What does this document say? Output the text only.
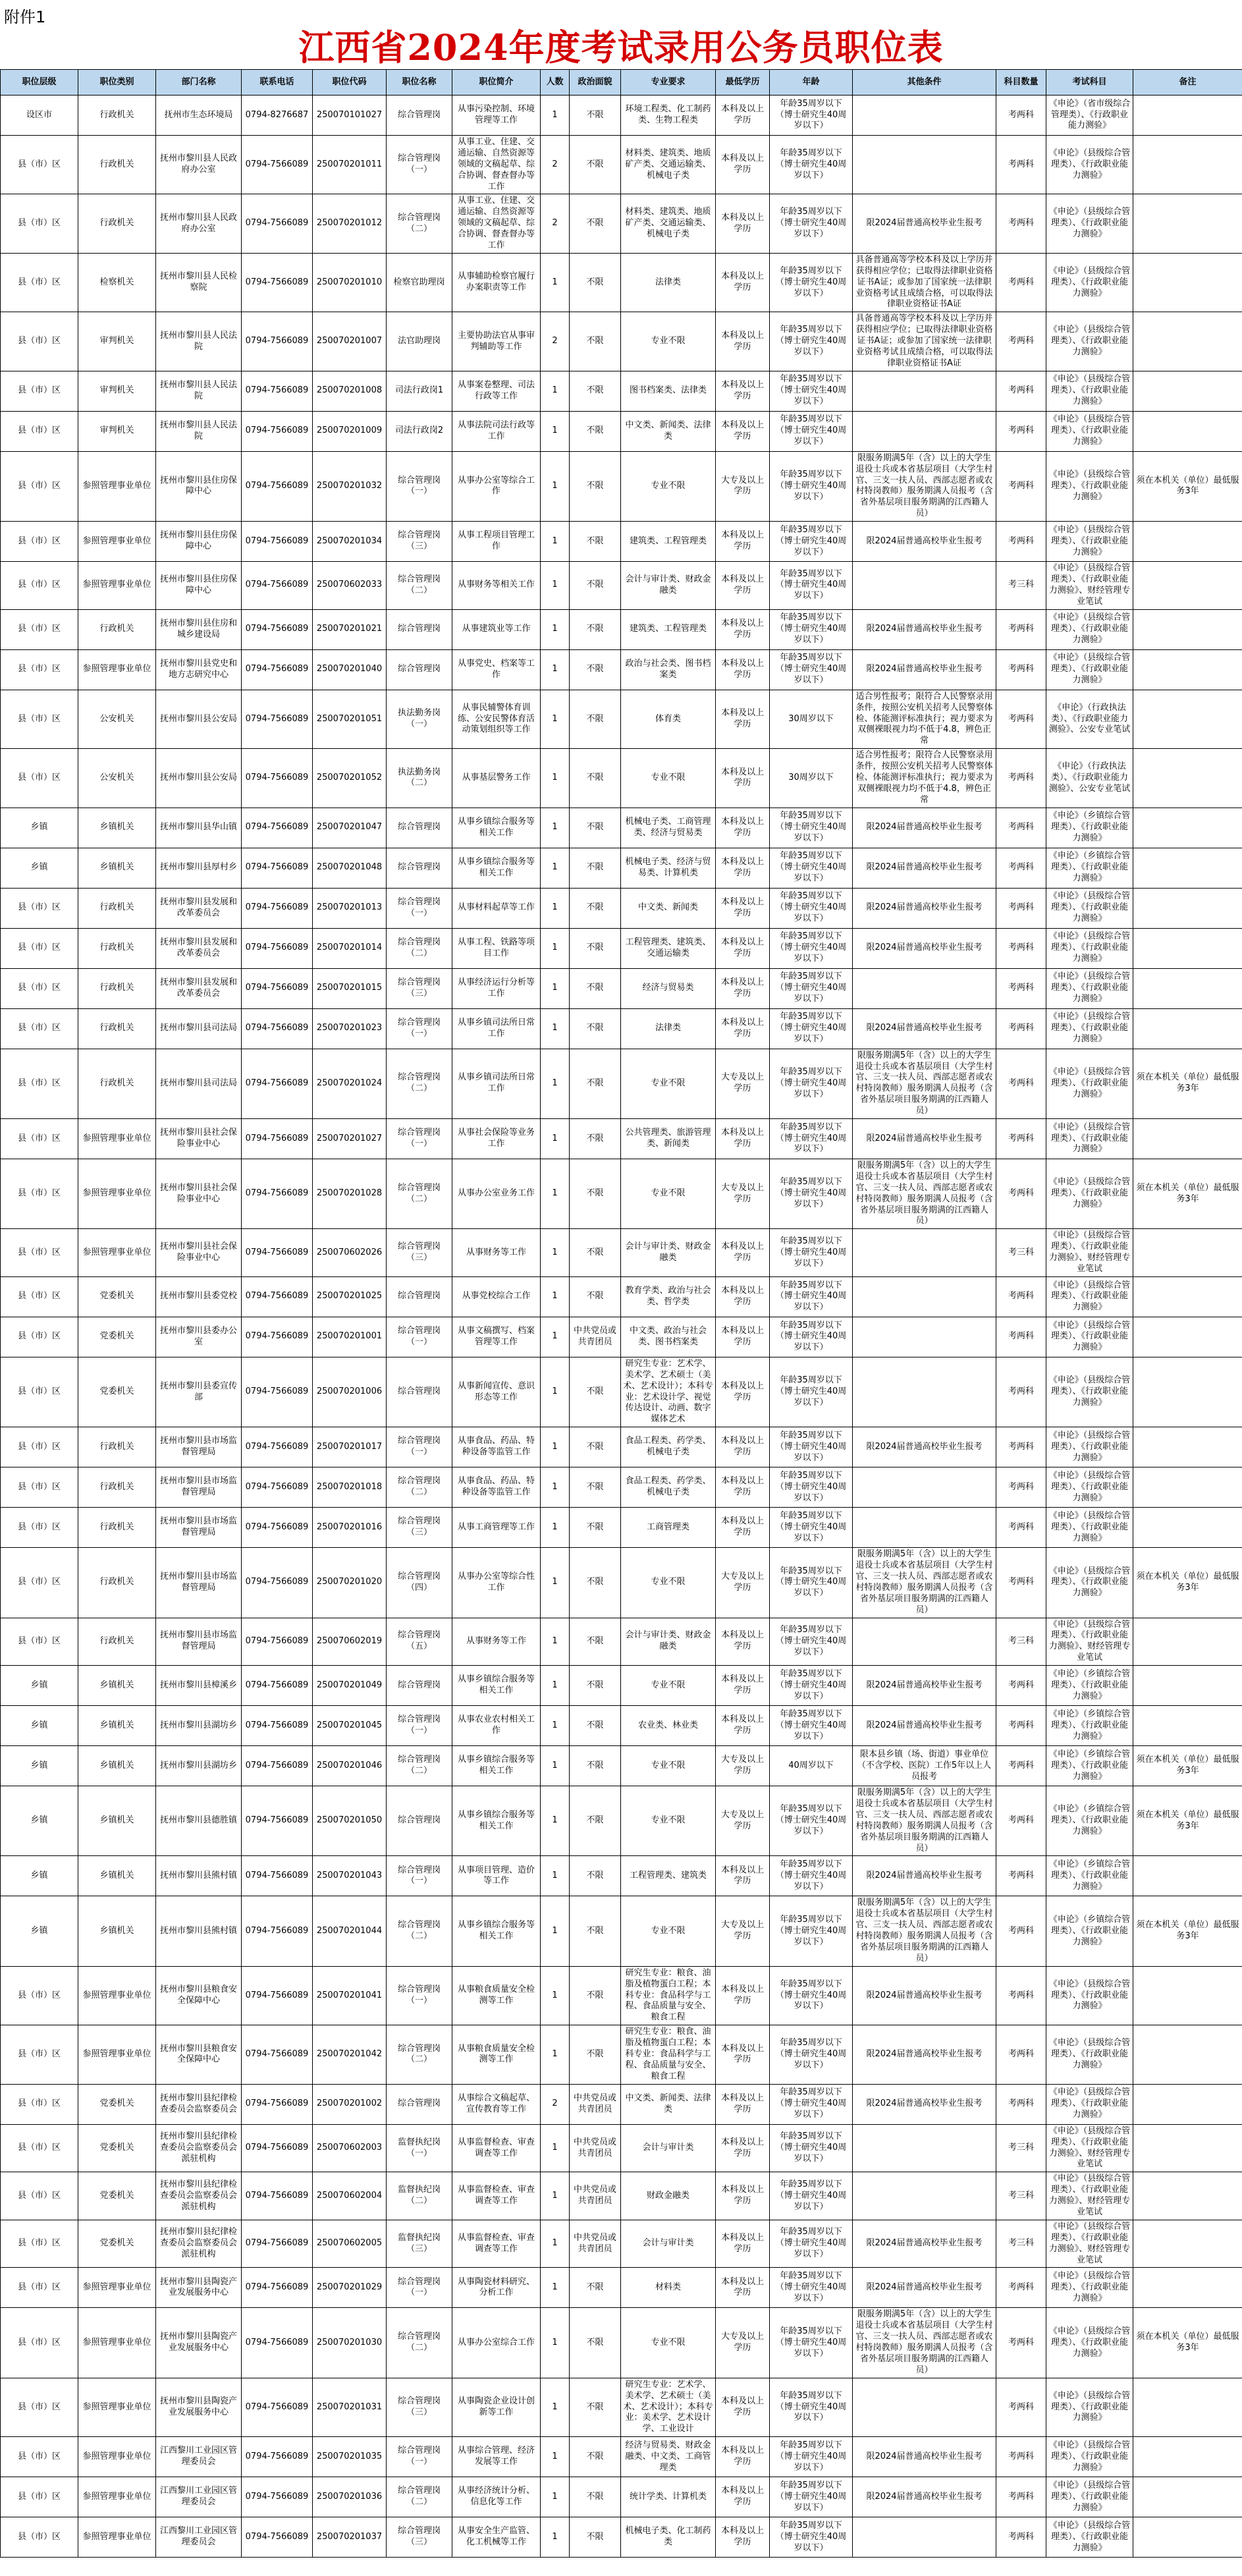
附件1
江西省2024年度考试录用公务员职位表
职位层级	职位类别	部门名称	联系电话	职位代码	职位名称	职位简介	人数	政治面貌	专业要求	最低学历	年龄	其他条件	科目数量	考试科目	备注
设区市	行政机关	抚州市生态环境局	0794-8276687	250070101027	综合管理岗	从事污染控制、环境管理等工作	1	不限	环境工程类、化工制药类、生物工程类	本科及以上学历	年龄35周岁以下（博士研究生40周岁以下）		考两科	《申论》（省市级综合管理类）、《行政职业能力测验》	
县（市）区	行政机关	抚州市黎川县人民政府办公室	0794-7566089	250070201011	综合管理岗（一）	从事工业、住建、交通运输、自然资源等领域的文稿起草、综合协调、督查督办等工作	2	不限	材料类、建筑类、地质矿产类、交通运输类、机械电子类	本科及以上学历	年龄35周岁以下（博士研究生40周岁以下）		考两科	《申论》（县级综合管理类）、《行政职业能力测验》	
县（市）区	行政机关	抚州市黎川县人民政府办公室	0794-7566089	250070201012	综合管理岗（二）	从事工业、住建、交通运输、自然资源等领域的文稿起草、综合协调、督查督办等工作	2	不限	材料类、建筑类、地质矿产类、交通运输类、机械电子类	本科及以上学历	年龄35周岁以下（博士研究生40周岁以下）	限2024届普通高校毕业生报考	考两科	《申论》（县级综合管理类）、《行政职业能力测验》	
县（市）区	检察机关	抚州市黎川县人民检察院	0794-7566089	250070201010	检察官助理岗	从事辅助检察官履行办案职责等工作	1	不限	法律类	本科及以上学历	年龄35周岁以下（博士研究生40周岁以下）	具备普通高等学校本科及以上学历并获得相应学位；已取得法律职业资格证书A证；或参加了国家统一法律职业资格考试且成绩合格，可以取得法律职业资格证书A证	考两科	《申论》（县级综合管理类）、《行政职业能力测验》	
县（市）区	审判机关	抚州市黎川县人民法院	0794-7566089	250070201007	法官助理岗	主要协助法官从事审判辅助等工作	2	不限	专业不限	本科及以上学历	年龄35周岁以下（博士研究生40周岁以下）	具备普通高等学校本科及以上学历并获得相应学位；已取得法律职业资格证书A证；或参加了国家统一法律职业资格考试且成绩合格，可以取得法律职业资格证书A证	考两科	《申论》（县级综合管理类）、《行政职业能力测验》	
县（市）区	审判机关	抚州市黎川县人民法院	0794-7566089	250070201008	司法行政岗1	从事案卷整理、司法行政等工作	1	不限	图书档案类、法律类	本科及以上学历	年龄35周岁以下（博士研究生40周岁以下）		考两科	《申论》（县级综合管理类）、《行政职业能力测验》	
县（市）区	审判机关	抚州市黎川县人民法院	0794-7566089	250070201009	司法行政岗2	从事法院司法行政等工作	1	不限	中文类、新闻类、法律类	本科及以上学历	年龄35周岁以下（博士研究生40周岁以下）		考两科	《申论》（县级综合管理类）、《行政职业能力测验》	
县（市）区	参照管理事业单位	抚州市黎川县住房保障中心	0794-7566089	250070201032	综合管理岗（一）	从事办公室等综合工作	1	不限	专业不限	大专及以上学历	年龄35周岁以下（博士研究生40周岁以下）	限服务期满5年（含）以上的大学生退役士兵或本省基层项目（大学生村官、三支一扶人员、西部志愿者或农村特岗教师）服务期满人员报考（含省外基层项目服务期满的江西籍人员）	考两科	《申论》（县级综合管理类）、《行政职业能力测验》	须在本机关（单位）最低服务3年
县（市）区	参照管理事业单位	抚州市黎川县住房保障中心	0794-7566089	250070201034	综合管理岗（三）	从事工程项目管理工作	1	不限	建筑类、工程管理类	本科及以上学历	年龄35周岁以下（博士研究生40周岁以下）	限2024届普通高校毕业生报考	考两科	《申论》（县级综合管理类）、《行政职业能力测验》	
县（市）区	参照管理事业单位	抚州市黎川县住房保障中心	0794-7566089	250070602033	综合管理岗（二）	从事财务等相关工作	1	不限	会计与审计类、财政金融类	本科及以上学历	年龄35周岁以下（博士研究生40周岁以下）		考三科	《申论》（县级综合管理类）、《行政职业能力测验》、财经管理专业笔试	
县（市）区	行政机关	抚州市黎川县住房和城乡建设局	0794-7566089	250070201021	综合管理岗	从事建筑业等工作	1	不限	建筑类、工程管理类	本科及以上学历	年龄35周岁以下（博士研究生40周岁以下）	限2024届普通高校毕业生报考	考两科	《申论》（县级综合管理类）、《行政职业能力测验》	
县（市）区	参照管理事业单位	抚州市黎川县党史和地方志研究中心	0794-7566089	250070201040	综合管理岗	从事党史、档案等工作	1	不限	政治与社会类、图书档案类	本科及以上学历	年龄35周岁以下（博士研究生40周岁以下）	限2024届普通高校毕业生报考	考两科	《申论》（县级综合管理类）、《行政职业能力测验》	
县（市）区	公安机关	抚州市黎川县公安局	0794-7566089	250070201051	执法勤务岗（一）	从事民辅警体育训练、公安民警体育活动策划组织等工作	1	不限	体育类	本科及以上学历	30周岁以下	适合男性报考；限符合人民警察录用条件，按照公安机关招考人民警察体检、体能测评标准执行；视力要求为双侧裸眼视力均不低于4.8，辨色正常	考两科	《申论》（行政执法类）、《行政职业能力测验》、公安专业笔试	
县（市）区	公安机关	抚州市黎川县公安局	0794-7566089	250070201052	执法勤务岗（二）	从事基层警务工作	1	不限	专业不限	本科及以上学历	30周岁以下	适合男性报考；限符合人民警察录用条件，按照公安机关招考人民警察体检、体能测评标准执行；视力要求为双侧裸眼视力均不低于4.8，辨色正常	考两科	《申论》（行政执法类）、《行政职业能力测验》、公安专业笔试	
乡镇	乡镇机关	抚州市黎川县华山镇	0794-7566089	250070201047	综合管理岗	从事乡镇综合服务等相关工作	1	不限	机械电子类、工商管理类、经济与贸易类	本科及以上学历	年龄35周岁以下（博士研究生40周岁以下）	限2024届普通高校毕业生报考	考两科	《申论》（乡镇综合管理类）、《行政职业能力测验》	
乡镇	乡镇机关	抚州市黎川县厚村乡	0794-7566089	250070201048	综合管理岗	从事乡镇综合服务等相关工作	1	不限	机械电子类、经济与贸易类、计算机类	本科及以上学历	年龄35周岁以下（博士研究生40周岁以下）	限2024届普通高校毕业生报考	考两科	《申论》（乡镇综合管理类）、《行政职业能力测验》	
县（市）区	行政机关	抚州市黎川县发展和改革委员会	0794-7566089	250070201013	综合管理岗（一）	从事材料起草等工作	1	不限	中文类、新闻类	本科及以上学历	年龄35周岁以下（博士研究生40周岁以下）	限2024届普通高校毕业生报考	考两科	《申论》（县级综合管理类）、《行政职业能力测验》	
县（市）区	行政机关	抚州市黎川县发展和改革委员会	0794-7566089	250070201014	综合管理岗（二）	从事工程、铁路等项目工作	1	不限	工程管理类、建筑类、交通运输类	本科及以上学历	年龄35周岁以下（博士研究生40周岁以下）	限2024届普通高校毕业生报考	考两科	《申论》（县级综合管理类）、《行政职业能力测验》	
县（市）区	行政机关	抚州市黎川县发展和改革委员会	0794-7566089	250070201015	综合管理岗（三）	从事经济运行分析等工作	1	不限	经济与贸易类	本科及以上学历	年龄35周岁以下（博士研究生40周岁以下）		考两科	《申论》（县级综合管理类）、《行政职业能力测验》	
县（市）区	行政机关	抚州市黎川县司法局	0794-7566089	250070201023	综合管理岗（一）	从事乡镇司法所日常工作	1	不限	法律类	本科及以上学历	年龄35周岁以下（博士研究生40周岁以下）	限2024届普通高校毕业生报考	考两科	《申论》（县级综合管理类）、《行政职业能力测验》	
县（市）区	行政机关	抚州市黎川县司法局	0794-7566089	250070201024	综合管理岗（二）	从事乡镇司法所日常工作	1	不限	专业不限	大专及以上学历	年龄35周岁以下（博士研究生40周岁以下）	限服务期满5年（含）以上的大学生退役士兵或本省基层项目（大学生村官、三支一扶人员、西部志愿者或农村特岗教师）服务期满人员报考（含省外基层项目服务期满的江西籍人员）	考两科	《申论》（县级综合管理类）、《行政职业能力测验》	须在本机关（单位）最低服务3年
县（市）区	参照管理事业单位	抚州市黎川县社会保险事业中心	0794-7566089	250070201027	综合管理岗（一）	从事社会保险等业务工作	1	不限	公共管理类、旅游管理类、新闻类	本科及以上学历	年龄35周岁以下（博士研究生40周岁以下）	限2024届普通高校毕业生报考	考两科	《申论》（县级综合管理类）、《行政职业能力测验》	
县（市）区	参照管理事业单位	抚州市黎川县社会保险事业中心	0794-7566089	250070201028	综合管理岗（二）	从事办公室业务工作	1	不限	专业不限	大专及以上学历	年龄35周岁以下（博士研究生40周岁以下）	限服务期满5年（含）以上的大学生退役士兵或本省基层项目（大学生村官、三支一扶人员、西部志愿者或农村特岗教师）服务期满人员报考（含省外基层项目服务期满的江西籍人员）	考两科	《申论》（县级综合管理类）、《行政职业能力测验》	须在本机关（单位）最低服务3年
县（市）区	参照管理事业单位	抚州市黎川县社会保险事业中心	0794-7566089	250070602026	综合管理岗（三）	从事财务等工作	1	不限	会计与审计类、财政金融类	本科及以上学历	年龄35周岁以下（博士研究生40周岁以下）		考三科	《申论》（县级综合管理类）、《行政职业能力测验》、财经管理专业笔试	
县（市）区	党委机关	抚州市黎川县委党校	0794-7566089	250070201025	综合管理岗	从事党校综合工作	1	不限	教育学类、政治与社会类、哲学类	本科及以上学历	年龄35周岁以下（博士研究生40周岁以下）		考两科	《申论》（县级综合管理类）、《行政职业能力测验》	
县（市）区	党委机关	抚州市黎川县委办公室	0794-7566089	250070201001	综合管理岗（一）	从事文稿撰写、档案管理等工作	1	中共党员或共青团员	中文类、政治与社会类、图书档案类	本科及以上学历	年龄35周岁以下（博士研究生40周岁以下）		考两科	《申论》（县级综合管理类）、《行政职业能力测验》	
县（市）区	党委机关	抚州市黎川县委宣传部	0794-7566089	250070201006	综合管理岗	从事新闻宣传、意识形态等工作	1	不限	研究生专业：艺术学、美术学、艺术硕士（美术、艺术设计）；本科专业：艺术设计学、视觉传达设计、动画、数字媒体艺术	本科及以上学历	年龄35周岁以下（博士研究生40周岁以下）		考两科	《申论》（县级综合管理类）、《行政职业能力测验》	
县（市）区	行政机关	抚州市黎川县市场监督管理局	0794-7566089	250070201017	综合管理岗（一）	从事食品、药品、特种设备等监管工作	1	不限	食品工程类、药学类、机械电子类	本科及以上学历	年龄35周岁以下（博士研究生40周岁以下）	限2024届普通高校毕业生报考	考两科	《申论》（县级综合管理类）、《行政职业能力测验》	
县（市）区	行政机关	抚州市黎川县市场监督管理局	0794-7566089	250070201018	综合管理岗（二）	从事食品、药品、特种设备等监管工作	1	不限	食品工程类、药学类、机械电子类	本科及以上学历	年龄35周岁以下（博士研究生40周岁以下）		考两科	《申论》（县级综合管理类）、《行政职业能力测验》	
县（市）区	行政机关	抚州市黎川县市场监督管理局	0794-7566089	250070201016	综合管理岗（三）	从事工商管理等工作	1	不限	工商管理类	本科及以上学历	年龄35周岁以下（博士研究生40周岁以下）		考两科	《申论》（县级综合管理类）、《行政职业能力测验》	
县（市）区	行政机关	抚州市黎川县市场监督管理局	0794-7566089	250070201020	综合管理岗（四）	从事办公室等综合性工作	1	不限	专业不限	大专及以上学历	年龄35周岁以下（博士研究生40周岁以下）	限服务期满5年（含）以上的大学生退役士兵或本省基层项目（大学生村官、三支一扶人员、西部志愿者或农村特岗教师）服务期满人员报考（含省外基层项目服务期满的江西籍人员）	考两科	《申论》（县级综合管理类）、《行政职业能力测验》	须在本机关（单位）最低服务3年
县（市）区	行政机关	抚州市黎川县市场监督管理局	0794-7566089	250070602019	综合管理岗（五）	从事财务等工作	1	不限	会计与审计类、财政金融类	本科及以上学历	年龄35周岁以下（博士研究生40周岁以下）		考三科	《申论》（县级综合管理类）、《行政职业能力测验》、财经管理专业笔试	
乡镇	乡镇机关	抚州市黎川县樟溪乡	0794-7566089	250070201049	综合管理岗	从事乡镇综合服务等相关工作	1	不限	专业不限	本科及以上学历	年龄35周岁以下（博士研究生40周岁以下）	限2024届普通高校毕业生报考	考两科	《申论》（乡镇综合管理类）、《行政职业能力测验》	
乡镇	乡镇机关	抚州市黎川县湖坊乡	0794-7566089	250070201045	综合管理岗（一）	从事农业农村相关工作	1	不限	农业类、林业类	本科及以上学历	年龄35周岁以下（博士研究生40周岁以下）	限2024届普通高校毕业生报考	考两科	《申论》（乡镇综合管理类）、《行政职业能力测验》	
乡镇	乡镇机关	抚州市黎川县湖坊乡	0794-7566089	250070201046	综合管理岗（二）	从事乡镇综合服务等相关工作	1	不限	专业不限	大专及以上学历	40周岁以下	限本县乡镇（场、街道）事业单位（不含学校、医院）工作5年以上人员报考	考两科	《申论》（乡镇综合管理类）、《行政职业能力测验》	须在本机关（单位）最低服务3年
乡镇	乡镇机关	抚州市黎川县德胜镇	0794-7566089	250070201050	综合管理岗	从事乡镇综合服务等相关工作	1	不限	专业不限	大专及以上学历	年龄35周岁以下（博士研究生40周岁以下）	限服务期满5年（含）以上的大学生退役士兵或本省基层项目（大学生村官、三支一扶人员、西部志愿者或农村特岗教师）服务期满人员报考（含省外基层项目服务期满的江西籍人员）	考两科	《申论》（乡镇综合管理类）、《行政职业能力测验》	须在本机关（单位）最低服务3年
乡镇	乡镇机关	抚州市黎川县熊村镇	0794-7566089	250070201043	综合管理岗（一）	从事项目管理、造价等工作	1	不限	工程管理类、建筑类	本科及以上学历	年龄35周岁以下（博士研究生40周岁以下）	限2024届普通高校毕业生报考	考两科	《申论》（乡镇综合管理类）、《行政职业能力测验》	
乡镇	乡镇机关	抚州市黎川县熊村镇	0794-7566089	250070201044	综合管理岗（二）	从事乡镇综合服务等相关工作	1	不限	专业不限	大专及以上学历	年龄35周岁以下（博士研究生40周岁以下）	限服务期满5年（含）以上的大学生退役士兵或本省基层项目（大学生村官、三支一扶人员、西部志愿者或农村特岗教师）服务期满人员报考（含省外基层项目服务期满的江西籍人员）	考两科	《申论》（乡镇综合管理类）、《行政职业能力测验》	须在本机关（单位）最低服务3年
县（市）区	参照管理事业单位	抚州市黎川县粮食安全保障中心	0794-7566089	250070201041	综合管理岗（一）	从事粮食质量安全检测等工作	1	不限	研究生专业：粮食、油脂及植物蛋白工程；本科专业：食品科学与工程、食品质量与安全、粮食工程	本科及以上学历	年龄35周岁以下（博士研究生40周岁以下）	限2024届普通高校毕业生报考	考两科	《申论》（县级综合管理类）、《行政职业能力测验》	
县（市）区	参照管理事业单位	抚州市黎川县粮食安全保障中心	0794-7566089	250070201042	综合管理岗（二）	从事粮食质量安全检测等工作	1	不限	研究生专业：粮食、油脂及植物蛋白工程；本科专业：食品科学与工程、食品质量与安全、粮食工程	本科及以上学历	年龄35周岁以下（博士研究生40周岁以下）	限2024届普通高校毕业生报考	考两科	《申论》（县级综合管理类）、《行政职业能力测验》	
县（市）区	党委机关	抚州市黎川县纪律检查委员会监察委员会	0794-7566089	250070201002	综合管理岗	从事综合文稿起草、宣传教育等工作	2	中共党员或共青团员	中文类、新闻类、法律类	本科及以上学历	年龄35周岁以下（博士研究生40周岁以下）	限2024届普通高校毕业生报考	考两科	《申论》（县级综合管理类）、《行政职业能力测验》	
县（市）区	党委机关	抚州市黎川县纪律检查委员会监察委员会派驻机构	0794-7566089	250070602003	监督执纪岗（一）	从事监督检查、审查调查等工作	1	中共党员或共青团员	会计与审计类	本科及以上学历	年龄35周岁以下（博士研究生40周岁以下）		考三科	《申论》（县级综合管理类）、《行政职业能力测验》、财经管理专业笔试	
县（市）区	党委机关	抚州市黎川县纪律检查委员会监察委员会派驻机构	0794-7566089	250070602004	监督执纪岗（二）	从事监督检查、审查调查等工作	1	中共党员或共青团员	财政金融类	本科及以上学历	年龄35周岁以下（博士研究生40周岁以下）		考三科	《申论》（县级综合管理类）、《行政职业能力测验》、财经管理专业笔试	
县（市）区	党委机关	抚州市黎川县纪律检查委员会监察委员会派驻机构	0794-7566089	250070602005	监督执纪岗（三）	从事监督检查、审查调查等工作	1	中共党员或共青团员	会计与审计类	本科及以上学历	年龄35周岁以下（博士研究生40周岁以下）	限2024届普通高校毕业生报考	考三科	《申论》（县级综合管理类）、《行政职业能力测验》、财经管理专业笔试	
县（市）区	参照管理事业单位	抚州市黎川县陶瓷产业发展服务中心	0794-7566089	250070201029	综合管理岗（一）	从事陶瓷材料研究、分析工作	1	不限	材料类	本科及以上学历	年龄35周岁以下（博士研究生40周岁以下）	限2024届普通高校毕业生报考	考两科	《申论》（县级综合管理类）、《行政职业能力测验》	
县（市）区	参照管理事业单位	抚州市黎川县陶瓷产业发展服务中心	0794-7566089	250070201030	综合管理岗（二）	从事办公室综合工作	1	不限	专业不限	大专及以上学历	年龄35周岁以下（博士研究生40周岁以下）	限服务期满5年（含）以上的大学生退役士兵或本省基层项目（大学生村官、三支一扶人员、西部志愿者或农村特岗教师）服务期满人员报考（含省外基层项目服务期满的江西籍人员）	考两科	《申论》（县级综合管理类）、《行政职业能力测验》	须在本机关（单位）最低服务3年
县（市）区	参照管理事业单位	抚州市黎川县陶瓷产业发展服务中心	0794-7566089	250070201031	综合管理岗（三）	从事陶瓷企业设计创新等工作	1	不限	研究生专业：艺术学、美术学、艺术硕士（美术、艺术设计）；本科专业：美术学、艺术设计学、工业设计	本科及以上学历	年龄35周岁以下（博士研究生40周岁以下）		考两科	《申论》（县级综合管理类）、《行政职业能力测验》	
县（市）区	参照管理事业单位	江西黎川工业园区管理委员会	0794-7566089	250070201035	综合管理岗（一）	从事综合管理、经济发展等工作	1	不限	经济与贸易类、财政金融类、中文类、工商管理类	本科及以上学历	年龄35周岁以下（博士研究生40周岁以下）	限2024届普通高校毕业生报考	考两科	《申论》（县级综合管理类）、《行政职业能力测验》	
县（市）区	参照管理事业单位	江西黎川工业园区管理委员会	0794-7566089	250070201036	综合管理岗（二）	从事经济统计分析、信息化等工作	1	不限	统计学类、计算机类	本科及以上学历	年龄35周岁以下（博士研究生40周岁以下）	限2024届普通高校毕业生报考	考两科	《申论》（县级综合管理类）、《行政职业能力测验》	
县（市）区	参照管理事业单位	江西黎川工业园区管理委员会	0794-7566089	250070201037	综合管理岗（三）	从事安全生产监管、化工机械等工作	1	不限	机械电子类、化工制药类	本科及以上学历	年龄35周岁以下（博士研究生40周岁以下）		考两科	《申论》（县级综合管理类）、《行政职业能力测验》	
